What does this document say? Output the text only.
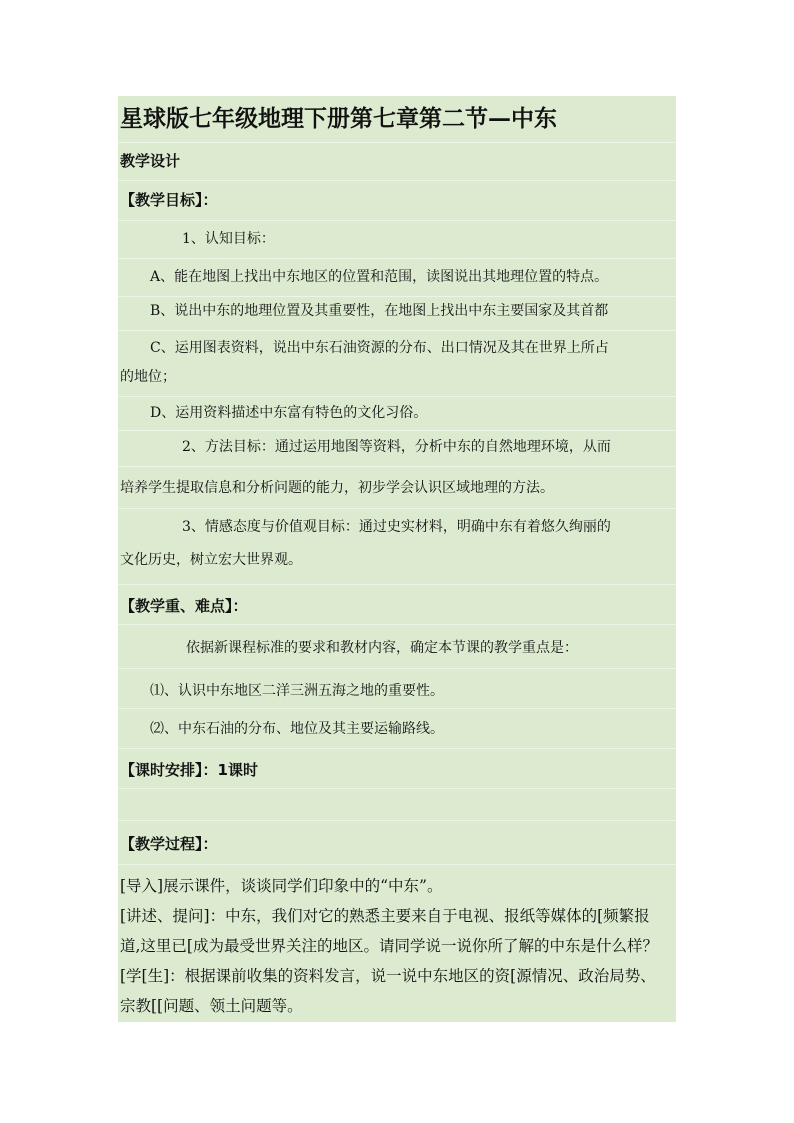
星球版七年级地理下册第七章第二节—中东
教学设计
【教学目标】：
1、认知目标：
A、能在地图上找出中东地区的位置和范围，读图说出其地理位置的特点。
B、说出中东的地理位置及其重要性，在地图上找出中东主要国家及其首都
C、运用图表资料，说出中东石油资源的分布、出口情况及其在世界上所占
的地位；
D、运用资料描述中东富有特色的文化习俗。
2、方法目标：通过运用地图等资料，分析中东的自然地理环境，从而
培养学生提取信息和分析问题的能力，初步学会认识区域地理的方法。
3、情感态度与价值观目标：通过史实材料，明确中东有着悠久绚丽的
文化历史，树立宏大世界观。
【教学重、难点】：
依据新课程标准的要求和教材内容，确定本节课的教学重点是：
⑴、认识中东地区二洋三洲五海之地的重要性。
⑵、中东石油的分布、地位及其主要运输路线。
【课时安排】：1课时
【教学过程】：
[导入]展示课件，谈谈同学们印象中的“中东”。
[讲述、提问]：中东，我们对它的熟悉主要来自于电视、报纸等媒体的[频繁报
道,这里已[成为最受世界关注的地区。请同学说一说你所了解的中东是什么样？
[学[生]：根据课前收集的资料发言，说一说中东地区的资[源情况、政治局势、
宗教[[问题、领土问题等。
